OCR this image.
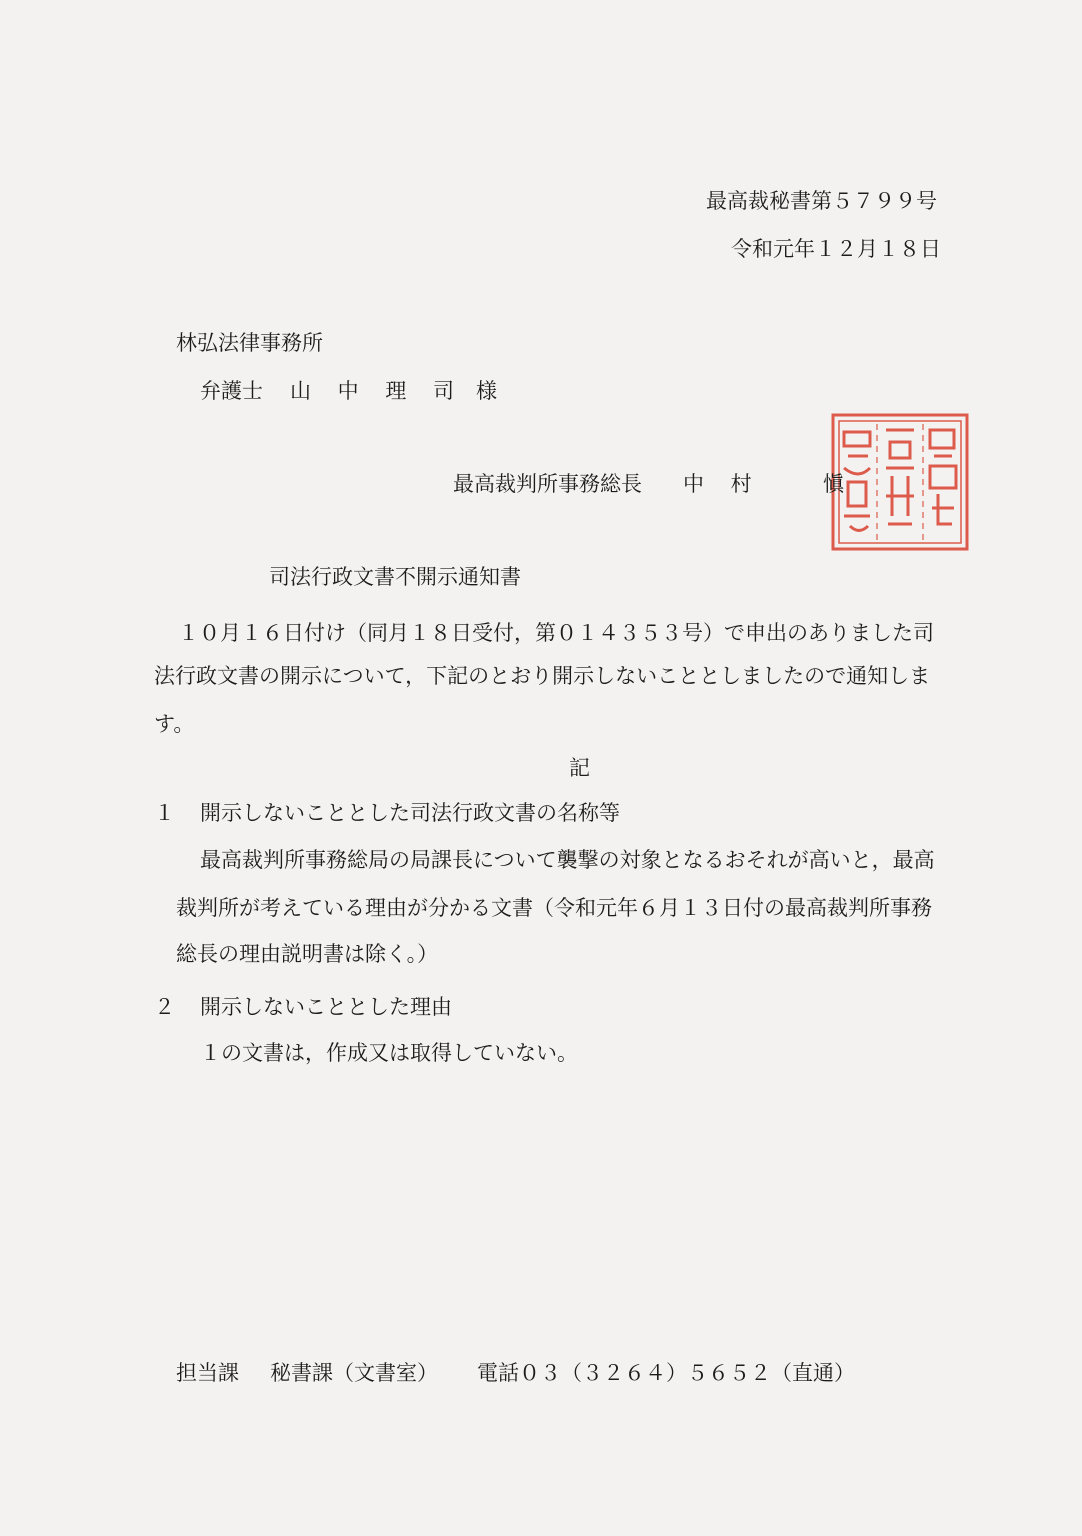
最高裁秘書第５７９９号
令和元年１２月１８日
林弘法律事務所
弁護士 山 中 理 司 様
最高裁判所事務総長 中 村	愼
司法行政文書不開示通知書
１０月１６日付け（同月１８日受付，第０１４３５３号）で申出のありました司
法行政文書の開示について，下記のとおり開示しないこととしましたので通知しま
す。
記
１ 開示しないこととした司法行政文書の名称等
最高裁判所事務総局の局課長について襲撃の対象となるおそれが高いと，最高
裁判所が考えている理由が分かる文書（令和元年６月１３日付の最高裁判所事務
総長の理由説明書は除く。）
２ 開示しないこととした理由
１の文書は，作成又は取得していない。
担当課 秘書課（文書室） 電話０３（３２６４）５６５２（直通）
